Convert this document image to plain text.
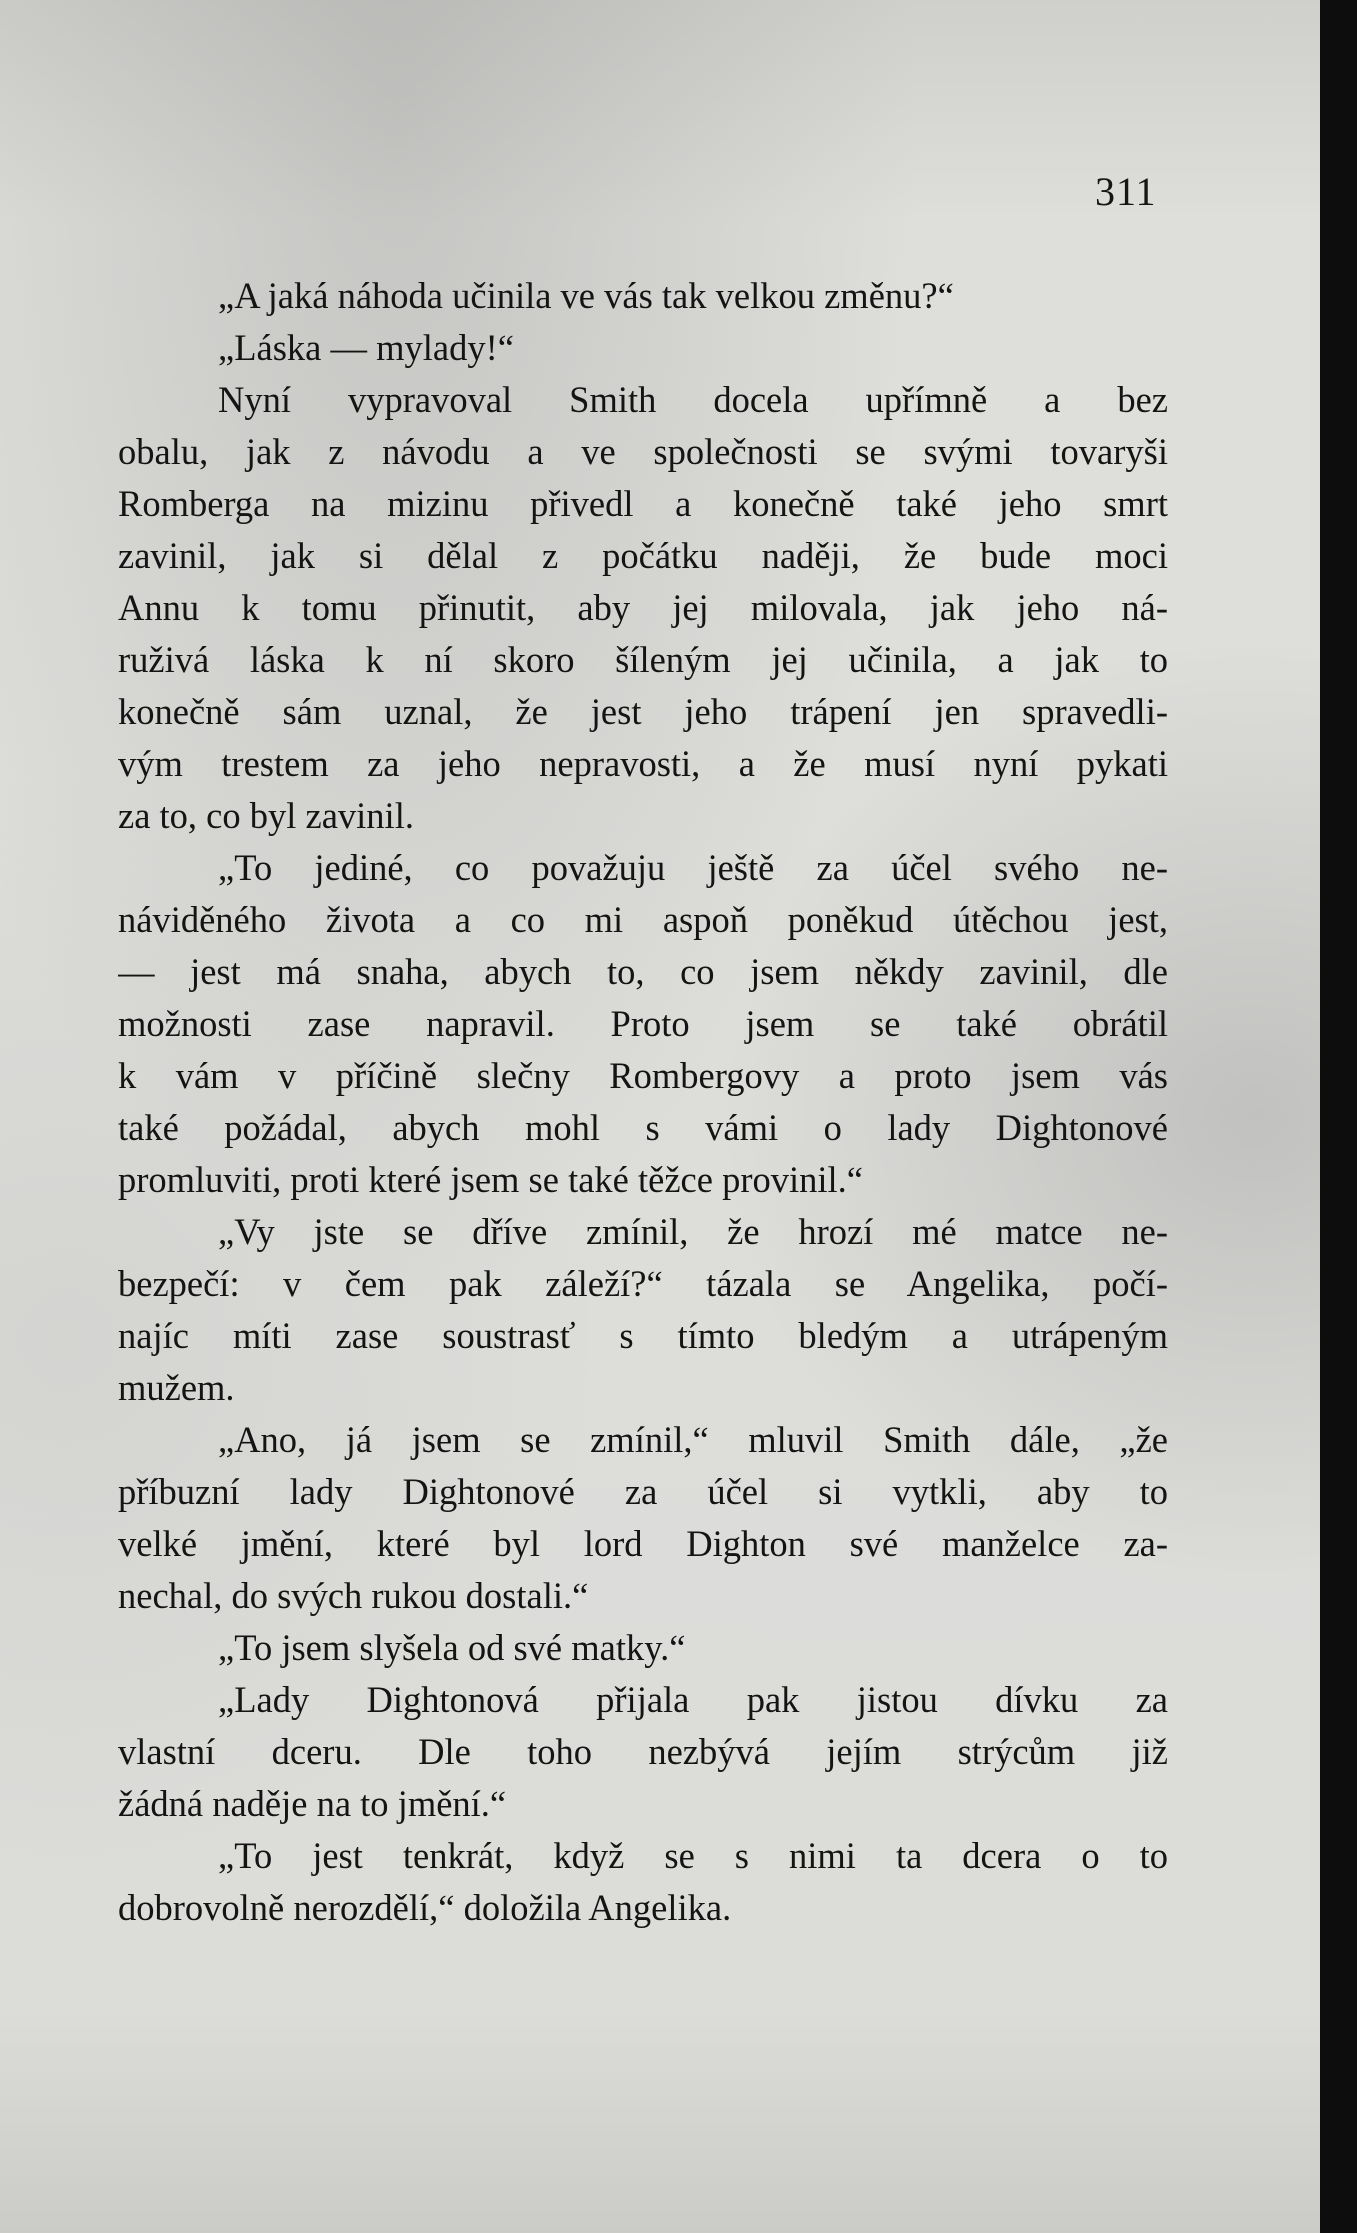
311
„A jaká náhoda učinila ve vás tak velkou změnu?“
„Láska — mylady!“
Nyní vypravoval Smith docela upřímně a bez
obalu, jak z návodu a ve společnosti se svými tovaryši
Romberga na mizinu přivedl a konečně také jeho smrt
zavinil, jak si dělal z počátku naději, že bude moci
Annu k tomu přinutit, aby jej milovala, jak jeho ná-
ruživá láska k ní skoro šíleným jej učinila, a jak to
konečně sám uznal, že jest jeho trápení jen spravedli-
vým trestem za jeho nepravosti, a že musí nyní pykati
za to, co byl zavinil.
„To jediné, co považuju ještě za účel svého ne-
náviděného života a co mi aspoň poněkud útěchou jest,
— jest má snaha, abych to, co jsem někdy zavinil, dle
možnosti zase napravil. Proto jsem se také obrátil
k vám v příčině slečny Rombergovy a proto jsem vás
také požádal, abych mohl s vámi o lady Dightonové
promluviti, proti které jsem se také těžce provinil.“
„Vy jste se dříve zmínil, že hrozí mé matce ne-
bezpečí: v čem pak záleží?“ tázala se Angelika, počí-
najíc míti zase soustrasť s tímto bledým a utrápeným
mužem.
„Ano, já jsem se zmínil,“ mluvil Smith dále, „že
příbuzní lady Dightonové za účel si vytkli, aby to
velké jmění, které byl lord Dighton své manželce za-
nechal, do svých rukou dostali.“
„To jsem slyšela od své matky.“
„Lady Dightonová přijala pak jistou dívku za
vlastní dceru. Dle toho nezbývá jejím strýcům již
žádná naděje na to jmění.“
„To jest tenkrát, když se s nimi ta dcera o to
dobrovolně nerozdělí,“ doložila Angelika.
